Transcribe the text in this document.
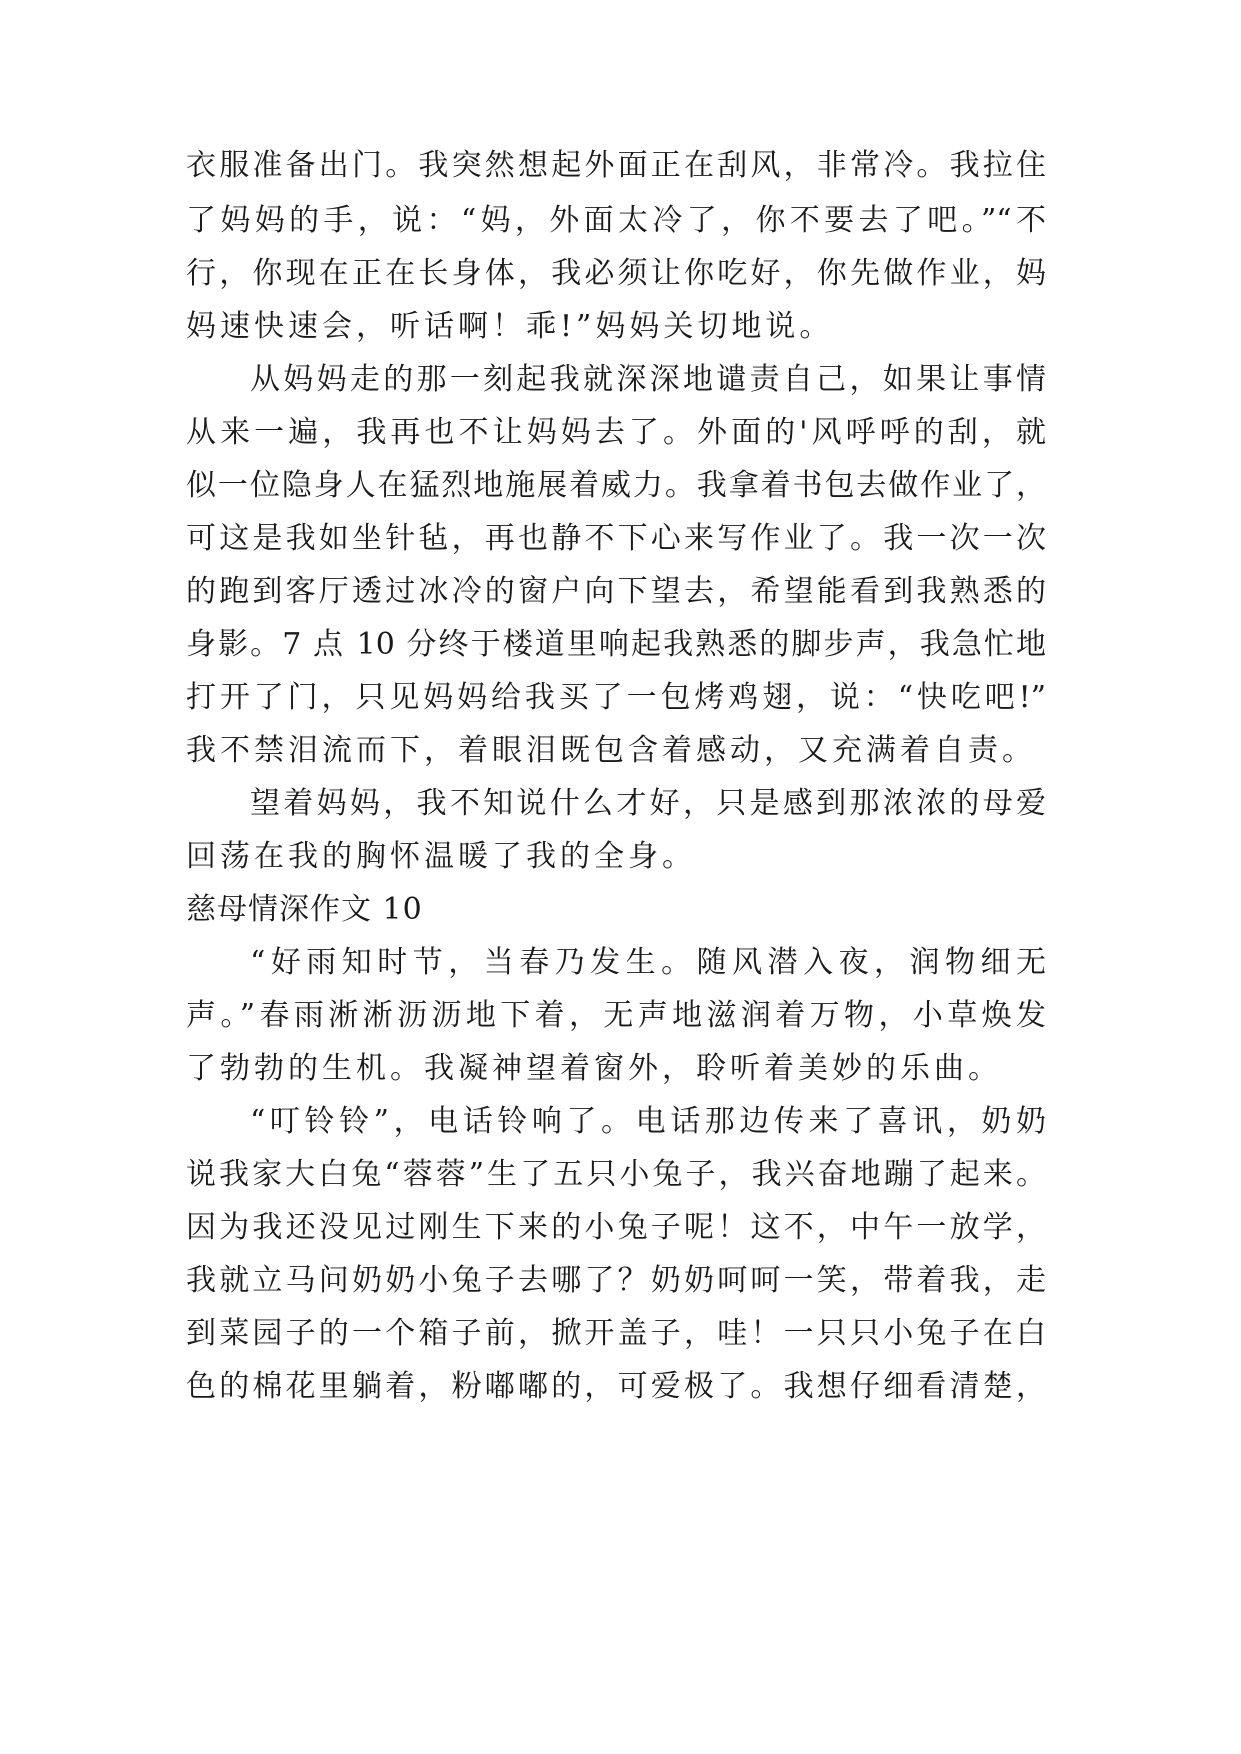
衣服准备出门。我突然想起外面正在刮风，非常冷。我拉住
了妈妈的手，说：“妈，外面太冷了，你不要去了吧。”“不
行，你现在正在长身体，我必须让你吃好，你先做作业，妈
妈速快速会，听话啊！乖!”妈妈关切地说。
从妈妈走的那一刻起我就深深地谴责自己，如果让事情
从来一遍，我再也不让妈妈去了。外面的'风呼呼的刮，就
似一位隐身人在猛烈地施展着威力。我拿着书包去做作业了，
可这是我如坐针毡，再也静不下心来写作业了。我一次一次
的跑到客厅透过冰冷的窗户向下望去，希望能看到我熟悉的
身影。7 点 10 分终于楼道里响起我熟悉的脚步声，我急忙地
打开了门，只见妈妈给我买了一包烤鸡翅，说：“快吃吧!”
我不禁泪流而下，着眼泪既包含着感动，又充满着自责。
望着妈妈，我不知说什么才好，只是感到那浓浓的母爱
回荡在我的胸怀温暖了我的全身。
慈母情深作文 10
“好雨知时节，当春乃发生。随风潜入夜，润物细无
声。”春雨淅淅沥沥地下着，无声地滋润着万物，小草焕发
了勃勃的生机。我凝神望着窗外，聆听着美妙的乐曲。
“叮铃铃”，电话铃响了。电话那边传来了喜讯，奶奶
说我家大白兔“蓉蓉”生了五只小兔子，我兴奋地蹦了起来。
因为我还没见过刚生下来的小兔子呢！这不，中午一放学，
我就立马问奶奶小兔子去哪了？奶奶呵呵一笑，带着我，走
到菜园子的一个箱子前，掀开盖子，哇！一只只小兔子在白
色的棉花里躺着，粉嘟嘟的，可爱极了。我想仔细看清楚，
